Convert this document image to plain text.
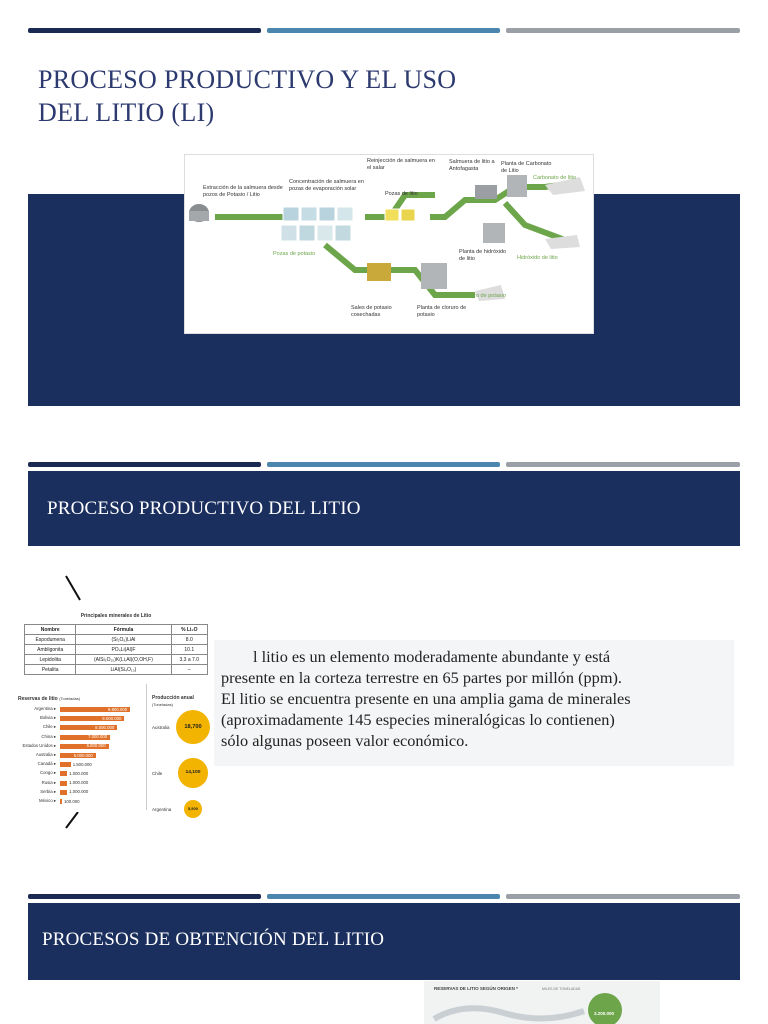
PROCESO PRODUCTIVO Y EL USO
DEL LITIO (LI)
Extracción de la salmuera desde pozos de Potasio / Litio
Concentración de salmuera en pozas de evaporación solar
Reinjección de salmuera en el salar
Pozas de litio
Salmuera de litio a Antofagasta
Planta de Carbonato de Litio
Carbonato de litio
Pozas de potasio	Planta de hidróxido de litio	Hidróxido de litio
Sales de potasio cosechadas
Planta de cloruro de potasio
Cloruro de potasio
PROCESO PRODUCTIVO DEL LITIO
Principales minerales de Litio
Nombre	Fórmula	% Li₂O
Espodumena	(Si₂O₆)LiAl	8.0
Ambligonita	PO₄Li(Al)F	10.1
Lepidolita	(AlSi₃O₁₀)K(Li,Al)(O,OH,F)	3.3 a 7.0
Petalita	LiAl(Si₄O₁₀)	–
Reservas de litio (Toneladas)	Producción anual
(Toneladas)
Argentina ▸	9.800.000
Bolivia ▸	9.000.000
Chile ▸	8.000.000
China ▸	7.000.000
Estados Unidos ▸	6.800.000
Australia ▸	5.000.000
Canadá ▸	1.500.000
Congo ▸	1.000.000
Rusia ▸	1.000.000
Serbia ▸	1.000.000
México ▸ 100.000
18,700
Australia
14,100
Chile
5,500
Argentina
l litio es un elemento moderadamente abundante y está
presente en la corteza terrestre en 65 partes por millón (ppm).
El litio se encuentra presente en una amplia gama de minerales
(aproximadamente 145 especies mineralógicas lo contienen)
sólo algunas poseen valor económico.
PROCESOS DE OBTENCIÓN DEL LITIO
RESERVAS DE LITIO SEGÚN ORIGEN *	MILES DE TONELADAS
3.200.000
